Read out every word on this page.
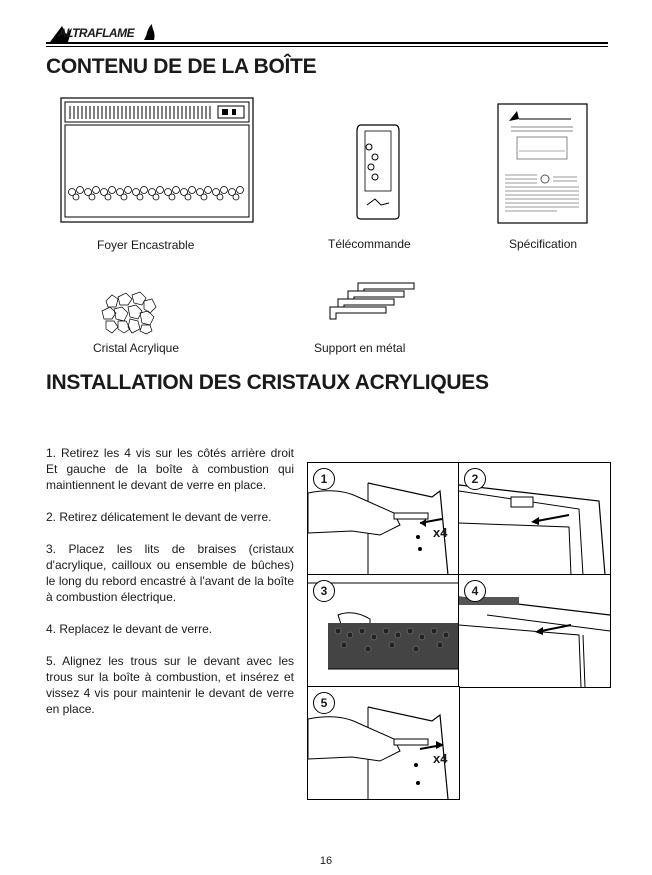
ALTRAFLAME
CONTENU DE DE LA BOÎTE
Foyer Encastrable	Télécommande	Spécification
Cristal Acrylique	Support en métal
INSTALLATION DES CRISTAUX ACRYLIQUES

1. Retirez les 4 vis sur les côtés arrière droit Et gauche de la boîte à combustion qui maintiennent le devant de verre en place.

2. Retirez délicatement le devant de verre.

3. Placez les lits de braises (cristaux d'acrylique, cailloux ou ensemble de bûches) le long du rebord encastré à l'avant de la boîte à combustion électrique.

4. Replacez le devant de verre.

5. Alignez les trous sur le devant avec les trous sur la boîte à combustion, et insérez et vissez 4 vis pour maintenir le devant de verre en place.

1
x4
2
3	4
5
x4
16
